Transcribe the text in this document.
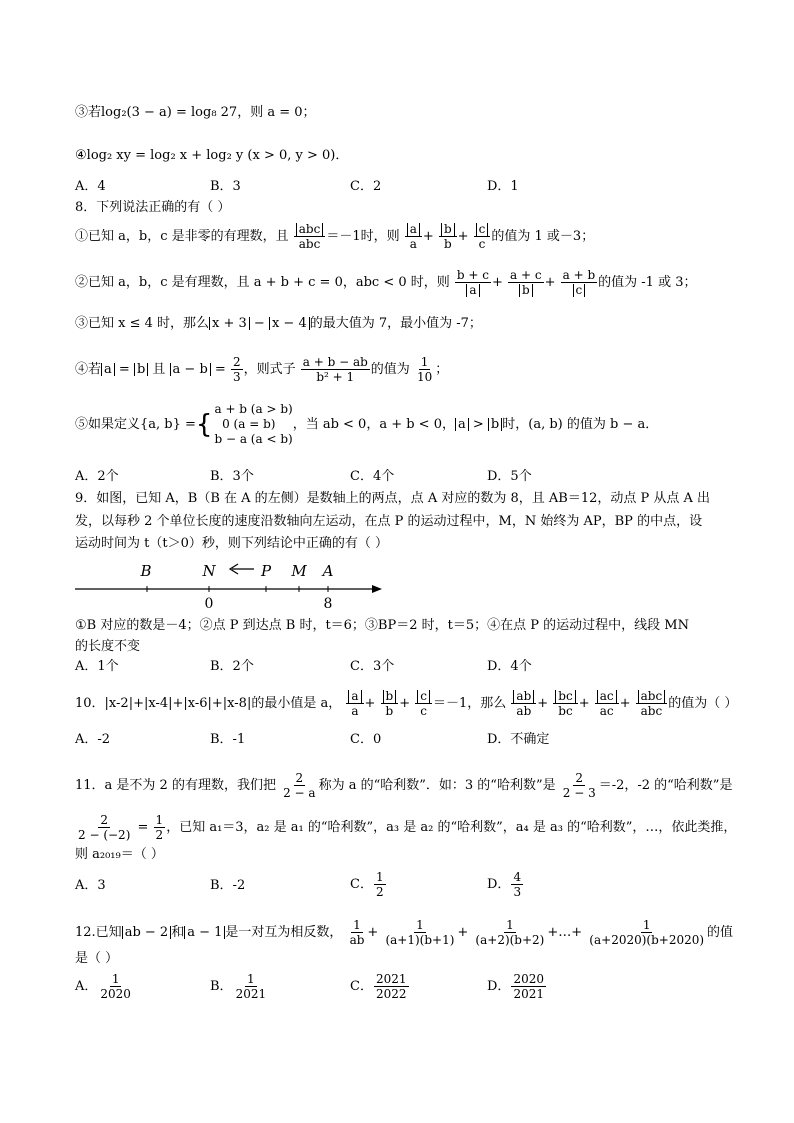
③若log₂(3 − a) = log₈ 27，则 a = 0；
④log₂ xy = log₂ x + log₂ y (x > 0, y > 0)．
A．4	B．3	C．2	D．1
8．下列说法正确的有（ ）
①已知 a，b，c 是非零的有理数，且 abc
abc ＝－1时，则 $\frac{a}{a} + \frac{b}{b} + \frac{c}{c}$ 的值为 1 或－3；
②已知 a，b，c 是有理数，且 a + b + c = 0，abc < 0 时，则 $\frac{b + c}{a} + \frac{a + c}{b} + \frac{a + b}{c}$ 的值为 -1 或 3；
③已知 x ≤ 4 时，那么 x + 3 − x − 4 的最大值为 7，最小值为 -7；
④若 a = b 且 $a - b = \frac{2}{3}$ ，则式子 $\frac{a + b - ab}{\text{b² + 1}}$ 的值为 $\frac{1}{10}$ ；
⑤如果定义{a, b} ={
a + b (a > b)
0 (a = b)
b − a (a < b)
，当 ab < 0，a + b < 0， a > b 时，(a, b) 的值为 b − a．
A．2个	B．3个	C．4个	D．5个
9．如图，已知 A，B（B 在 A 的左侧）是数轴上的两点，点 A 对应的数为 8，且 AB＝12，动点 P 从点 A 出
发，以每秒 2 个单位长度的速度沿数轴向左运动，在点 P 的运动过程中，M，N 始终为 AP，BP 的中点，设
运动时间为 t（t＞0）秒，则下列结论中正确的有（ ）
B	N	P M A
0	8
①B 对应的数是－4；②点 P 到达点 B 时，t＝6；③BP＝2 时，t＝5；④在点 P 的运动过程中，线段 MN
的长度不变
A．1个	B．2个	C．3个	D．4个
10．|x-2|+|x-4|+|x-6|+|x-8|的最小值是 a， $\frac{a}{a} + \frac{b}{b} + \frac{c}{c} =-1$，那么 $\frac{ab}{ab} + \frac{bc}{bc} + \frac{ac}{ac}$ + abc
abc 的值为（ ）
A．-2	B．-1	C．0	D．不确定
11．a 是不为 2 的有理数，我们把 $\frac{2}{2 - a}$ 称为 a 的“哈利数”．如：3 的“哈利数”是 $\frac{2}{2 - 3} =-2$，-2 的“哈利数”是
$\frac{2}{2 - (-2)} = \frac{1}{2}$ ，已知 a₁＝3，a₂ 是 a₁ 的“哈利数”，a₃ 是 a₂ 的“哈利数”，a₄ 是 a₃ 的“哈利数”，…，依此类推，
则 a₂₀₁₉＝（ ）
A．3	B．-2	C． $\frac{1}{2}$	D． $\frac{4}{3}$
12.已知 ab − 2 和 a − 1 是一对互为相反数， $\frac{1}{ab} + \frac{1}{(a+1)(b+1)} + \frac{1}{(a+2)(b+2)}$ +…+ $\frac{1}{(a+2020)(b+2020)}$ 的值
是（ ）
A． $\frac{1}{2020}$	B． $\frac{1}{2021}$	C． $\frac{2021}{2022}$	D． $\frac{2020}{2021}$
